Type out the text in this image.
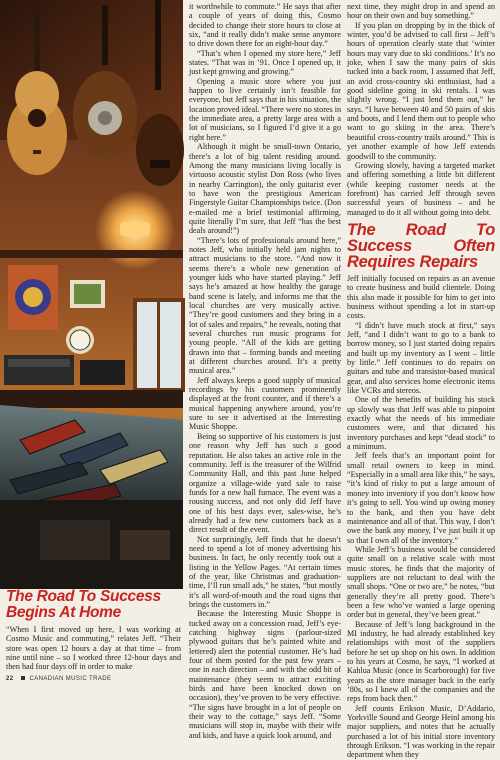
The Road To Success Begins At Home

“When I first moved up here, I was working at Cosmo Music and commuting,” relates Jeff. “Their store was open 12 hours a day at that time – from nine until nine – so I worked three 12-hour days and then had four days off in order to make

it worthwhile to commute.” He says that after a couple of years of doing this, Cosmo decided to change their store hours to close at six, “and it really didn’t make sense anymore to drive down there for an eight-hour day.”

“That’s when I opened my store here,” Jeff states. “That was in ’91. Once I opened up, it just kept growing and growing.”

Opening a music store where you just happen to live certainly isn’t feasible for everyone, but Jeff says that in his situation, the location proved ideal. “There were no stores in the immediate area, a pretty large area with a lot of musicians, so I figured I’d give it a go right here.”

Although it might be small-town Ontario, there’s a lot of big talent residing around. Among the many musicians living locally is virtuoso acoustic stylist Don Ross (who lives in nearby Carrington), the only guitarist ever to have won the prestigious American Fingerstyle Guitar Championships twice. (Don e-mailed me a brief testimonial affirming, quite literally I’m sure, that Jeff “has the best deals around!”)

“There’s lots of professionals around here,” notes Jeff, who initially held jam nights to attract musicians to the store. “And now it seems there’s a whole new generation of younger kids who have started playing.” Jeff says he’s amazed at how healthy the garage band scene is lately, and informs me that the local churches are very musically active. “They’re good customers and they bring in a lot of sales and repairs,” he reveals, noting that several churches run music programs for young people. “All of the kids are getting drawn into that – forming bands and meeting at different churches around. It’s a pretty musical area.”

Jeff always keeps a good supply of musical recordings by his customers prominently displayed at the front counter, and if there’s a musical happening anywhere around, you’re sure to see it advertised at the Interesting Music Shoppe.

Being so supportive of his customers is just one reason why Jeff has such a good reputation. He also takes an active role in the community. Jeff is the treasurer of the Wilfrid Community Hall, and this past June helped organize a village-wide yard sale to raise funds for a new hall furnace. The event was a rousing success, and not only did Jeff have one of his best days ever, sales-wise, he’s already had a few new customers back as a direct result of the event.

Not surprisingly, Jeff finds that he doesn’t need to spend a lot of money advertising his business. In fact, he only recently took out a listing in the Yellow Pages. “At certain times of the year, like Christmas and graduation-time, I’ll run small ads,” he states, “but mostly it’s all word-of-mouth and the road signs that brings the customers in.”

Because the Interesting Music Shoppe is tucked away on a concession road, Jeff’s eye-catching highway signs (parlour-sized plywood guitars that he’s painted white and lettered) alert the potential customer. He’s had four of them posted for the past few years – one in each direction – and with the odd bit of maintenance (they seem to attract exciting birds and have been knocked down on occasion), they’ve proven to be very effective. “The signs have brought in a lot of people on their way to the cottage,” says Jeff. “Some musicians will stop in, maybe with their wife and kids, and have a quick look around, and

next time, they might drop in and spend an hour on their own and buy something.”

If you plan on dropping by in the thick of winter, you’d be advised to call first – Jeff’s hours of operation clearly state that ‘winter hours may vary due to ski conditions.’ It’s no joke, when I saw the many pairs of skis tucked into a back room, I assumed that Jeff, an avid cross-country ski enthusiast, had a good sideline going in ski rentals. I was slightly wrong. “I just lend them out,” he says. “I have between 40 and 50 pairs of skis and boots, and I lend them out to people who want to go skiing in the area. There’s beautiful cross-country trails around.” This is yet another example of how Jeff extends goodwill to the community.

Growing slowly, having a targeted market and offering something a little bit different (while keeping customer needs at the forefront) has carried Jeff through seven successful years of business – and he managed to do it all without going into debt.

The Road To Success Often Requires Repairs

Jeff initially focused on repairs as an avenue to create business and build clientele. Doing this also made it possible for him to get into business without spending a lot in start-up costs.

“I didn’t have much stock at first,” says Jeff, “and I didn’t want to go to a bank to borrow money, so I just started doing repairs and built up my inventory as I went – little by little.” Jeff continues to do repairs on guitars and tube and transistor-based musical gear, and also services home electronic items like VCRs and stereos.

One of the benefits of building his stock up slowly was that Jeff was able to pinpoint exactly what the needs of his immediate customers were, and that dictated his inventory purchases and kept “dead stock” to a minimum.

Jeff feels that’s an important point for small retail owners to keep in mind. “Especially in a small area like this,” he says, “it’s kind of risky to put a large amount of money into inventory if you don’t know how it’s going to sell. You wind up owing money to the bank, and then you have debt maintenance and all of that. This way, I don’t owe the bank any money, I’ve just built it up so that I own all of the inventory.”

While Jeff’s business would be considered quite small on a relative scale with most music stores, he finds that the majority of suppliers are not reluctant to deal with the small shops. “One or two are,” he notes, “but generally they’re all pretty good. There’s been a few who’ve wanted a large opening order but in general, they’ve been great.”

Because of Jeff’s long background in the MI industry, he had already established key relationships with most of the suppliers before he set up shop on his own. In addition to his years at Cosmo, he says, “I worked at Kahlua Music (once in Scarborough) for five years as the store manager back in the early ’80s, so I knew all of the companies and the reps from back then.”

Jeff counts Erikson Music, D’Addario, Yorkville Sound and George Heinl among his major suppliers, and notes that he actually purchased a lot of his initial store inventory through Erikson. “I was working in the repair department when they

22	CANADIAN MUSIC TRADE
